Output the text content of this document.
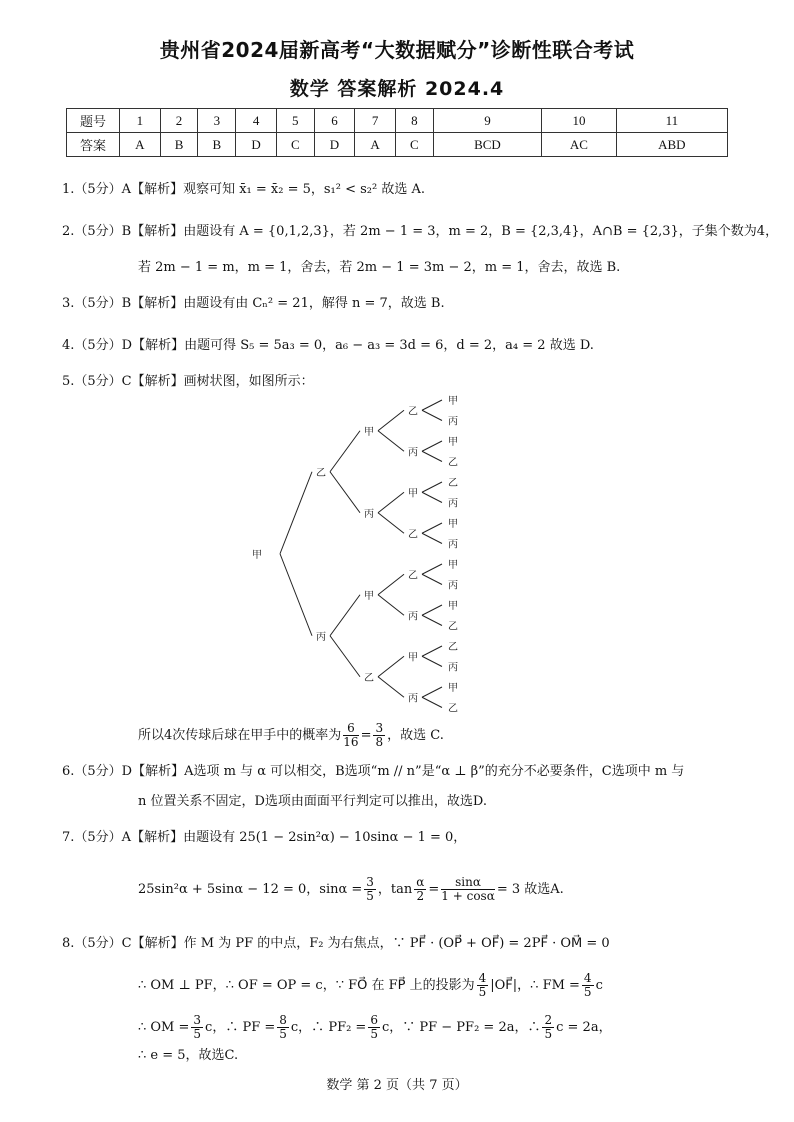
贵州省2024届新高考“大数据赋分”诊断性联合考试
数学 答案解析 2024.4
题号	1	2	3	4	5	6	7	8	9	10	11
答案	A	B	B	D	C	D	A	C	BCD	AC	ABD
1.（5分）A【解析】观察可知 x̄₁ = x̄₂ = 5，s₁² < s₂² 故选 A.
2.（5分）B【解析】由题设有 A = {0,1,2,3}，若 2m − 1 = 3，m = 2，B = {2,3,4}，A∩B = {2,3}，子集个数为4，
若 2m − 1 = m，m = 1，舍去，若 2m − 1 = 3m − 2，m = 1，舍去，故选 B.
3.（5分）B【解析】由题设有由 Cₙ² = 21，解得 n = 7，故选 B.
4.（5分）D【解析】由题可得 S₅ = 5a₃ = 0，a₆ − a₃ = 3d = 6，d = 2，a₄ = 2 故选 D.
5.（5分）C【解析】画树状图，如图所示：
甲
乙
丙
甲
丙
甲
乙
乙
丙
甲
乙
乙
丙
甲
丙
甲
丙
甲
乙
乙
丙
甲
丙
甲
丙
甲
乙
乙
丙
甲
乙
所以4次传球后球在甲手中的概率为 $\frac{6}{16} = \frac{3}{8}$ ，故选 C.
6.（5分）D【解析】A选项 m 与 α 可以相交，B选项“m // n”是“α ⊥ β”的充分不必要条件，C选项中 m 与
n 位置关系不固定，D选项由面面平行判定可以推出，故选D.
7.（5分）A【解析】由题设有 25(1 − 2sin²α) − 10sinα − 1 = 0，
25sin²α + 5sinα − 12 = 0，$\sin\alpha = \frac{3}{5}$ ，$\tan \frac{\alpha}{2} = \frac{\sin\alpha}{1 + \cos\alpha} = 3$ 故选A.
8.（5分）C【解析】作 M 为 PF 的中点，F₂ 为右焦点，∵ PF⃗ · (OP⃗ + OF⃗) = 2PF⃗ · OM⃗ = 0
∴ OM ⊥ PF，∴ OF = OP = c，∵ FO⃗ 在 FP⃗ 上的投影为 $\frac{4}{5}$ |OF⃗|，∴ FM = $\frac{4}{5}$ c
∴ OM = $\frac{3}{5}$ c，∴ PF = $\frac{8}{5}$ c，∴ $PF_2 = \frac{6}{5}$ c，∵ PF − PF₂ = 2a，∴ $\frac{2}{5}$ c = 2a，
∴ e = 5，故选C.
数学 第 2 页（共 7 页）
